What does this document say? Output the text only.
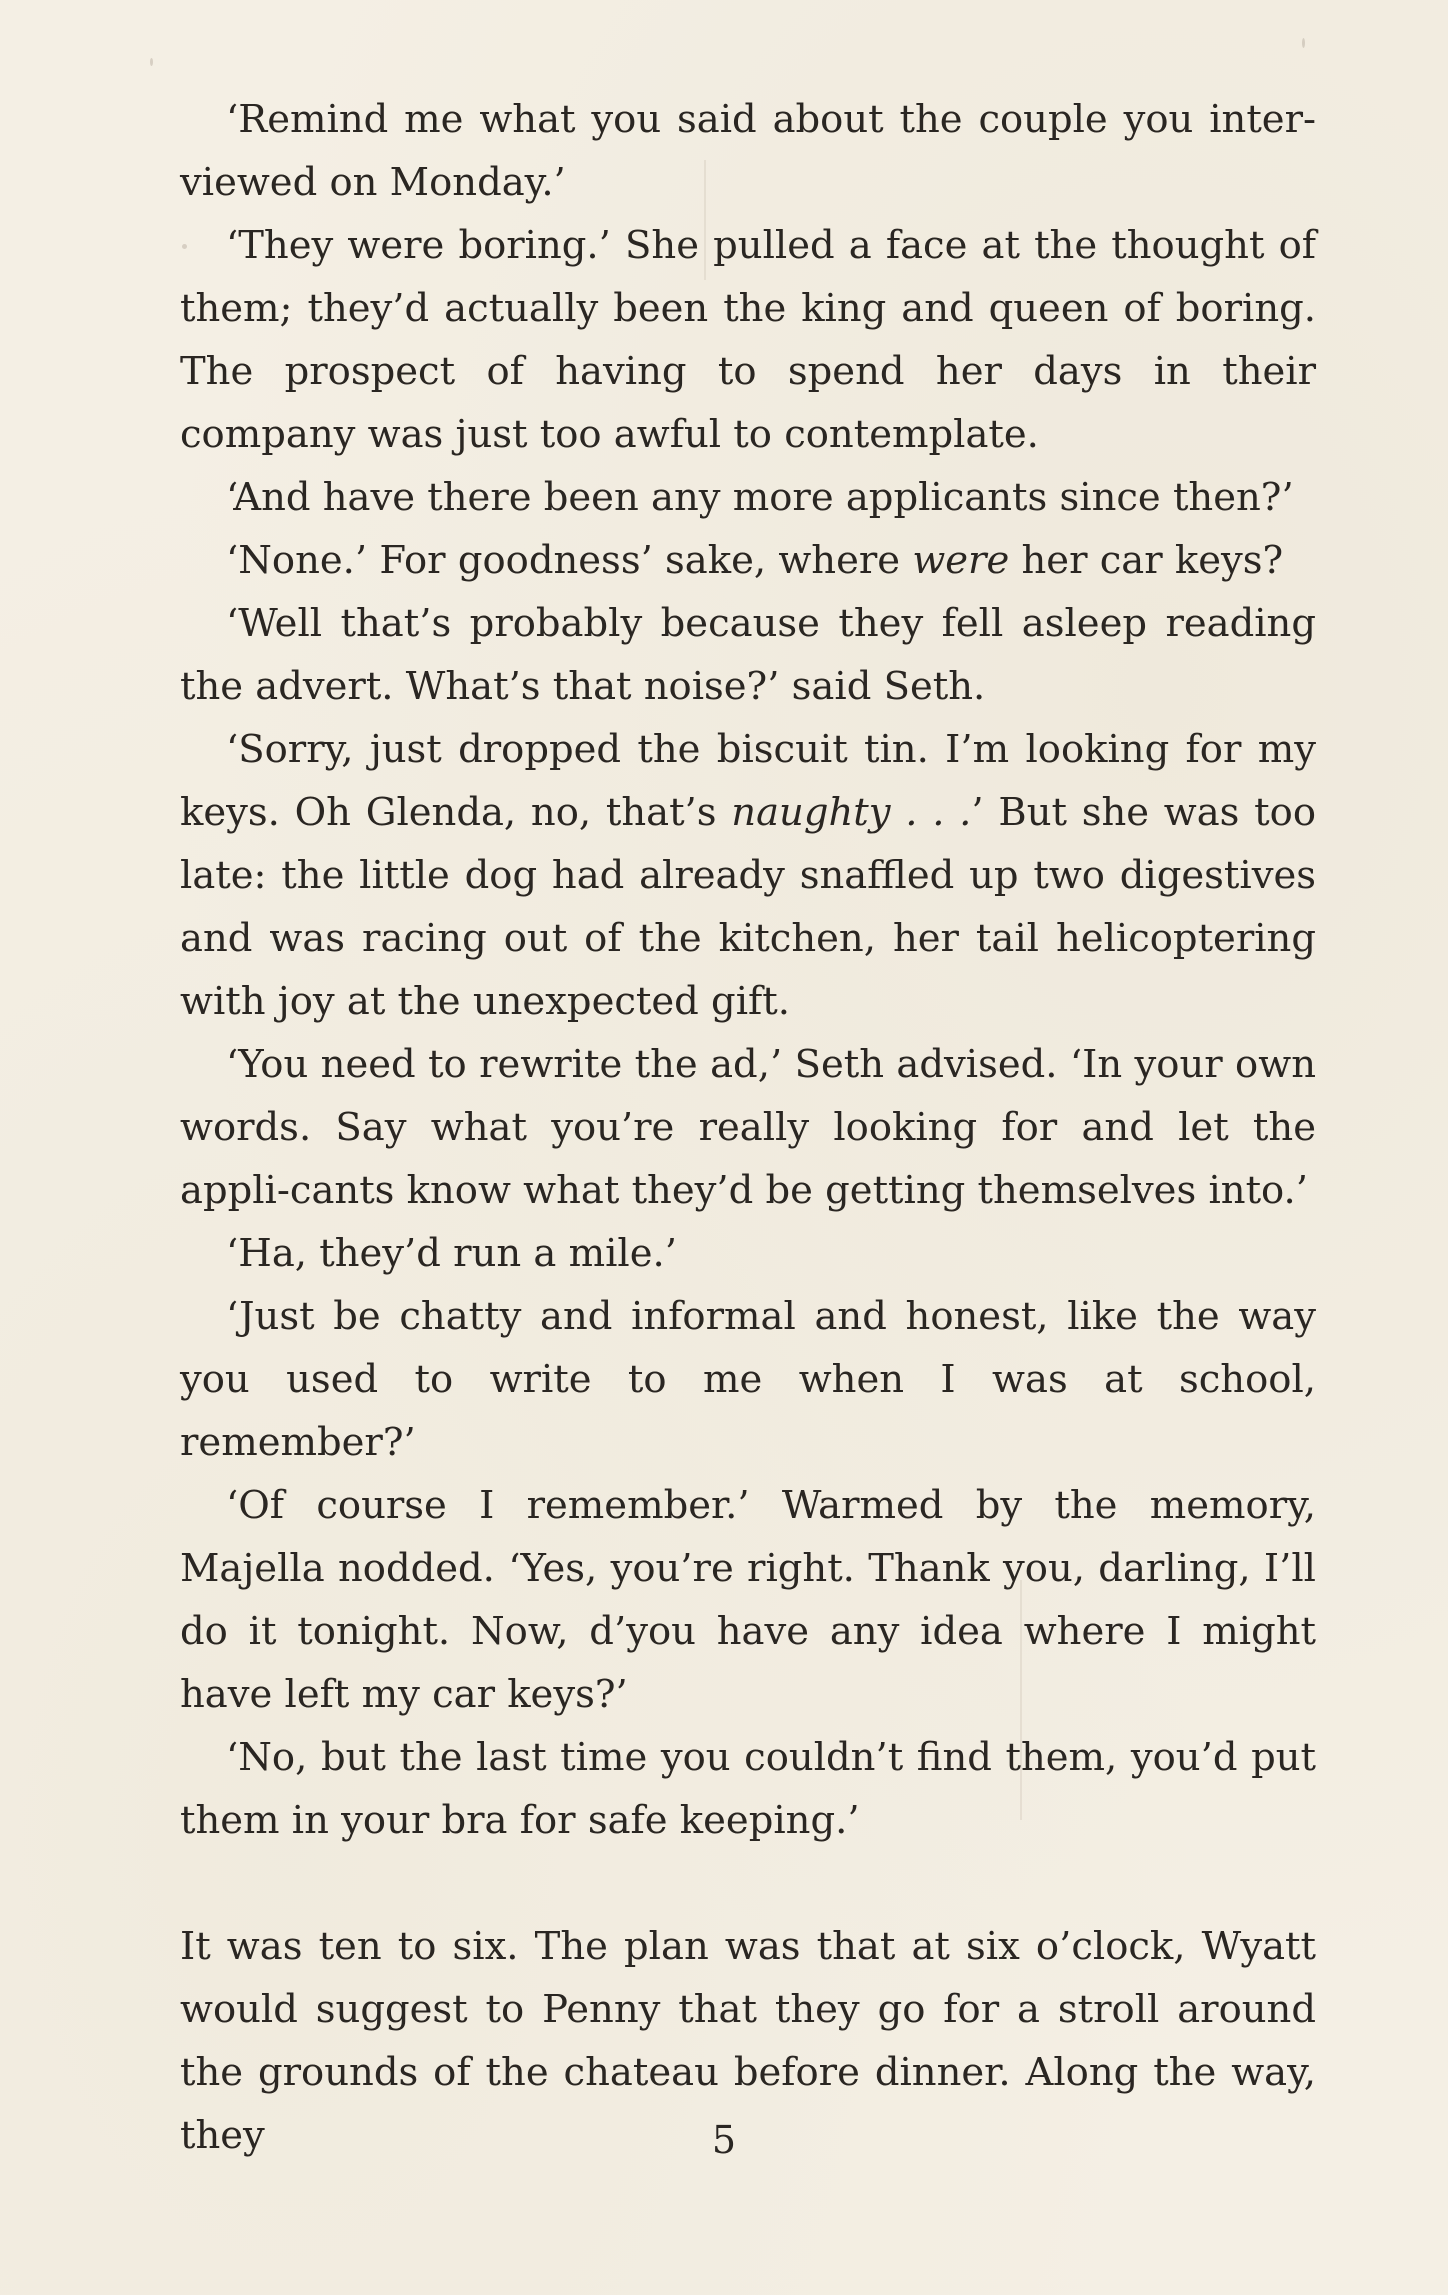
‘Remind me what you said about the couple you inter-viewed on Monday.’

‘They were boring.’ She pulled a face at the thought of them; they’d actually been the king and queen of boring. The prospect of having to spend her days in their company was just too awful to contemplate.

‘And have there been any more applicants since then?’

‘None.’ For goodness’ sake, where were her car keys?

‘Well that’s probably because they fell asleep reading the advert. What’s that noise?’ said Seth.

‘Sorry, just dropped the biscuit tin. I’m looking for my keys. Oh Glenda, no, that’s naughty . . .’ But she was too late: the little dog had already snaffled up two digestives and was racing out of the kitchen, her tail helicoptering with joy at the unexpected gift.

‘You need to rewrite the ad,’ Seth advised. ‘In your own words. Say what you’re really looking for and let the appli-cants know what they’d be getting themselves into.’

‘Ha, they’d run a mile.’

‘Just be chatty and informal and honest, like the way you used to write to me when I was at school, remember?’

‘Of course I remember.’ Warmed by the memory, Majella nodded. ‘Yes, you’re right. Thank you, darling, I’ll do it tonight. Now, d’you have any idea where I might have left my car keys?’

‘No, but the last time you couldn’t find them, you’d put them in your bra for safe keeping.’

It was ten to six. The plan was that at six o’clock, Wyatt would suggest to Penny that they go for a stroll around the grounds of the chateau before dinner. Along the way, they	5
